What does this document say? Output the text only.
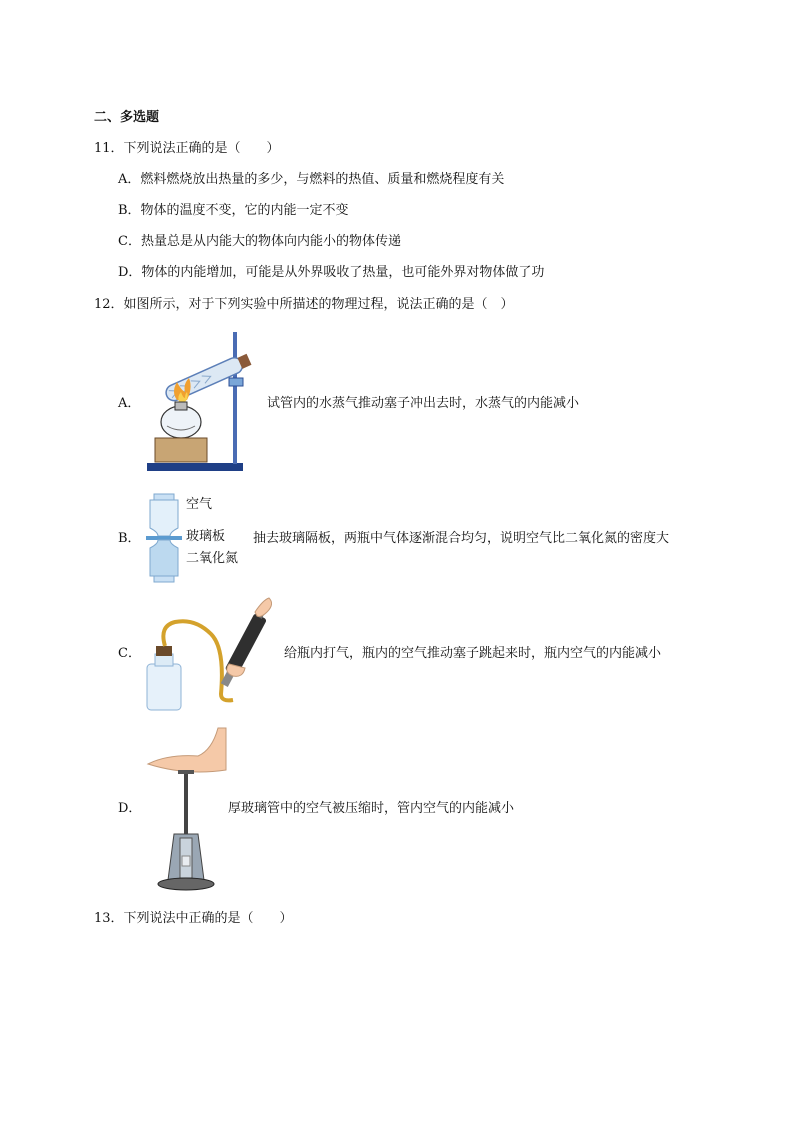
二、多选题
11．下列说法正确的是（　　）
A．燃料燃烧放出热量的多少，与燃料的热值、质量和燃烧程度有关
B．物体的温度不变，它的内能一定不变
C．热量总是从内能大的物体向内能小的物体传递
D．物体的内能增加，可能是从外界吸收了热量，也可能外界对物体做了功
12．如图所示，对于下列实验中所描述的物理过程，说法正确的是（　）
A．	试管内的水蒸气推动塞子冲出去时，水蒸气的内能减小
B．
空气
玻璃板
二氧化氮
抽去玻璃隔板，两瓶中气体逐渐混合均匀，说明空气比二氧化氮的密度大
C．	给瓶内打气，瓶内的空气推动塞子跳起来时，瓶内空气的内能减小
D．	厚玻璃管中的空气被压缩时，管内空气的内能减小
13．下列说法中正确的是（　　）
